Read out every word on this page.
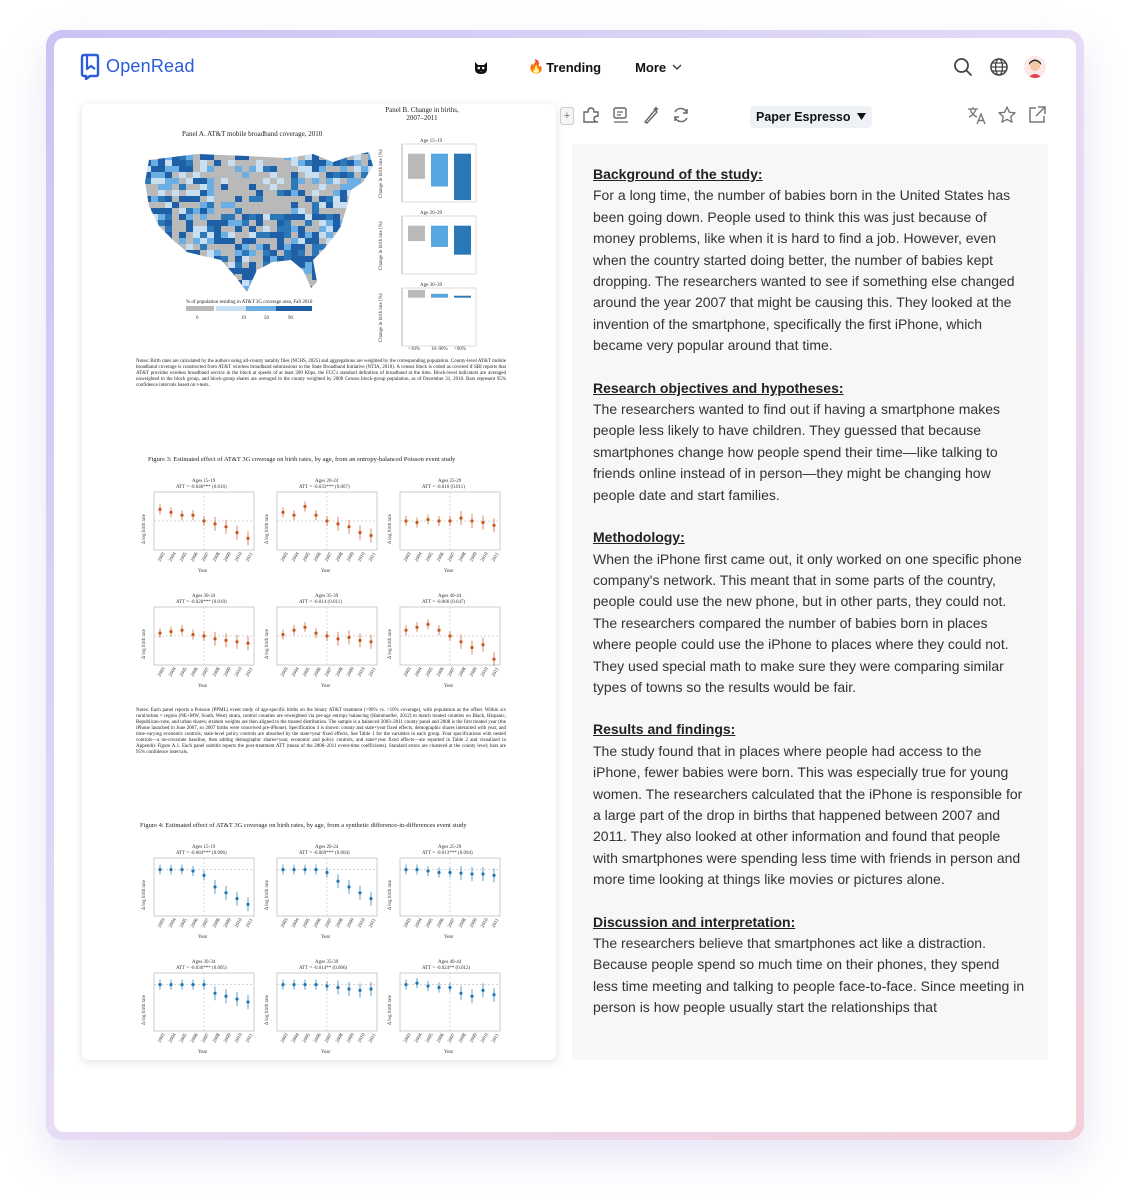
OpenRead	🔥 Trending	More
Panel B. Change in births, 2007–2011
Panel A. AT&T mobile broadband coverage, 2010
Age 15–19
Change in birth rate (%)
Age 20–29
Change in birth rate (%)
Age 30–39
Change in birth rate (%)
<10% 10–90% >90%
% of population residing in AT&T 3G coverage area, Fall 2010
0	10	50	90
Notes: Birth rates are calculated by the authors using all-county natality files (NCHS, 2025) and aggregations are weighted by the corresponding population. County-level AT&T mobile broadband coverage is constructed from AT&T wireless broadband submissions to the State Broadband Initiative (NTIA, 2010). A census block is coded as covered if SBI reports that AT&T provides wireless broadband service in the block at speeds of at least 200 Kbps, the FCC's standard definition of broadband at the time. Block-level indicators are averaged unweighted to the block group, and block-group shares are averaged to the county weighted by 2000 Census block-group population, as of December 31, 2010. Bars represent 95% confidence intervals based on t-tests.
Figure 3: Estimated effect of AT&T 3G coverage on birth rates, by age, from an entropy-balanced Poisson event study
Ages 15-19
ATT = -0.046*** (0.016)
Δ log birth rate
2003 2004 2005 2006 2007 2008 2009 2010 2011
Year
Ages 20-24
ATT = -0.033*** (0.007)
Δ log birth rate
2003 2004 2005 2006 2007 2008 2009 2010 2011
Year
Ages 25-29
ATT = -0.010 (0.011)
Δ log birth rate
2003 2004 2005 2006 2007 2008 2009 2010 2011
Year
Ages 30-34
ATT = -0.028*** (0.010)
Δ log birth rate
2003 2004 2005 2006 2007 2008 2009 2010 2011
Year
Ages 35-39
ATT = -0.014 (0.011)
Δ log birth rate
2003 2004 2005 2006 2007 2008 2009 2010 2011
Year
Ages 40-44
ATT = -0.066 (0.047)
Δ log birth rate
2003 2004 2005 2006 2007 2008 2009 2010 2011
Year
Notes: Each panel reports a Poisson (PPML) event study of age-specific births on the binary AT&T treatment (>90% vs. <10% coverage), with population as the offset. Within six rural/urban × region (NE+MW, South, West) strata, control counties are reweighted via per-age entropy balancing (Hainmueller, 2012) to match treated counties on Black, Hispanic, Republican-vote, and urban shares; stratum weights are then aligned to the treated distribution. The sample is a balanced 2003–2011 county panel and 2008 is the first treated year (the iPhone launched in June 2007, so 2007 births were conceived pre-iPhone). Specification 4 is shown: county and state×year fixed effects, demographic shares interacted with year, and time-varying economic controls; state-level policy controls are absorbed by the state×year fixed effects. See Table 1 for the variables in each group. Four specifications with nested controls—a no-covariate baseline, then adding demographic shares×year, economic and policy controls, and state×year fixed effects—are reported in Table 2 and visualized in Appendix Figure A.1. Each panel subtitle reports the post-treatment ATT (mean of the 2008–2011 event-time coefficients). Standard errors are clustered at the county level; bars are 95% confidence intervals.
Figure 4: Estimated effect of AT&T 3G coverage on birth rates, by age, from a synthetic difference-in-differences event study
Ages 15-19
ATT = -0.084*** (0.006)
Δ log birth rate
2003 2004 2005 2006 2007 2008 2009 2010 2011
Year
Ages 20-24
ATT = -0.069*** (0.004)
Δ log birth rate
2003 2004 2005 2006 2007 2008 2009 2010 2011
Year
Ages 25-29
ATT = -0.013*** (0.004)
Δ log birth rate
2003 2004 2005 2006 2007 2008 2009 2010 2011
Year
Ages 30-34
ATT = -0.036*** (0.005)
Δ log birth rate
2003 2004 2005 2006 2007 2008 2009 2010 2011
Year
Ages 35-39
ATT = -0.014** (0.006)
Δ log birth rate
2003 2004 2005 2006 2007 2008 2009 2010 2011
Year
Ages 40-44
ATT = -0.024** (0.012)
Δ log birth rate
2003 2004 2005 2006 2007 2008 2009 2010 2011
Year
+	Paper Espresso
Background of the study:
For a long time, the number of babies born in the United States has been going down. People used to think this was just because of money problems, like when it is hard to find a job. However, even when the country started doing better, the number of babies kept dropping. The researchers wanted to see if something else changed around the year 2007 that might be causing this. They looked at the invention of the smartphone, specifically the first iPhone, which became very popular around that time.
Research objectives and hypotheses:
The researchers wanted to find out if having a smartphone makes people less likely to have children. They guessed that because smartphones change how people spend their time—like talking to friends online instead of in person—they might be changing how people date and start families.
Methodology:
When the iPhone first came out, it only worked on one specific phone company's network. This meant that in some parts of the country, people could use the new phone, but in other parts, they could not. The researchers compared the number of babies born in places where people could use the iPhone to places where they could not. They used special math to make sure they were comparing similar types of towns so the results would be fair.
Results and findings:
The study found that in places where people had access to the iPhone, fewer babies were born. This was especially true for young women. The researchers calculated that the iPhone is responsible for a large part of the drop in births that happened between 2007 and 2011. They also looked at other information and found that people with smartphones were spending less time with friends in person and more time looking at things like movies or pictures alone.
Discussion and interpretation:
The researchers believe that smartphones act like a distraction. Because people spend so much time on their phones, they spend less time meeting and talking to people face-to-face. Since meeting in person is how people usually start the relationships that
